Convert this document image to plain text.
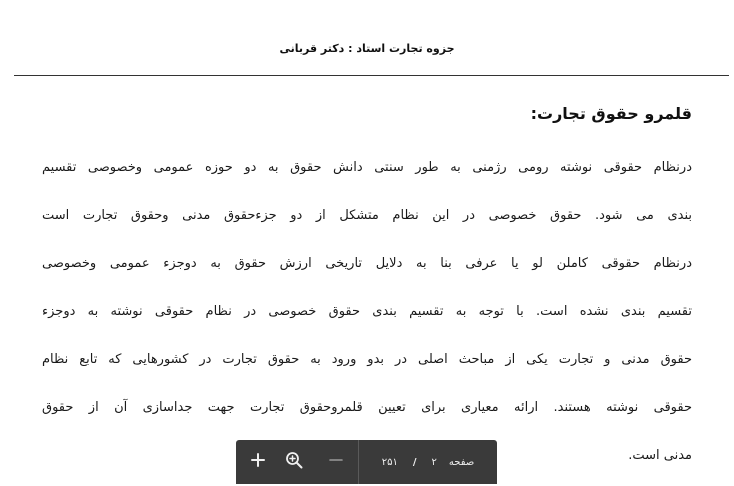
جزوه تجارت استاد : دکتر قربانی
قلمرو حقوق تجارت:
درنظام حقوقی نوشته رومی رژمنی به طور سنتی دانش حقوق به دو حوزه عمومی وخصوصی تقسیم
بندی می شود. حقوق خصوصی در این نظام متشکل از دو جزءحقوق مدنی وحقوق تجارت است
درنظام حقوقی کاملن لو یا عرفی بنا به دلایل تاریخی ارزش حقوق به دوجزء عمومی وخصوصی
تقسیم بندی نشده است. با توجه به تقسیم بندی حقوق خصوصی در نظام حقوقی نوشته به دوجزء
حقوق مدنی و تجارت یکی از مباحث اصلی در بدو ورود به حقوق تجارت در کشورهایی که تابع نظام
حقوقی نوشته هستند. ارائه معیاری برای تعیین قلمروحقوق تجارت جهت جداسازی آن از حقوق
مدنی است.
صفحه
۲
/
۲۵۱
